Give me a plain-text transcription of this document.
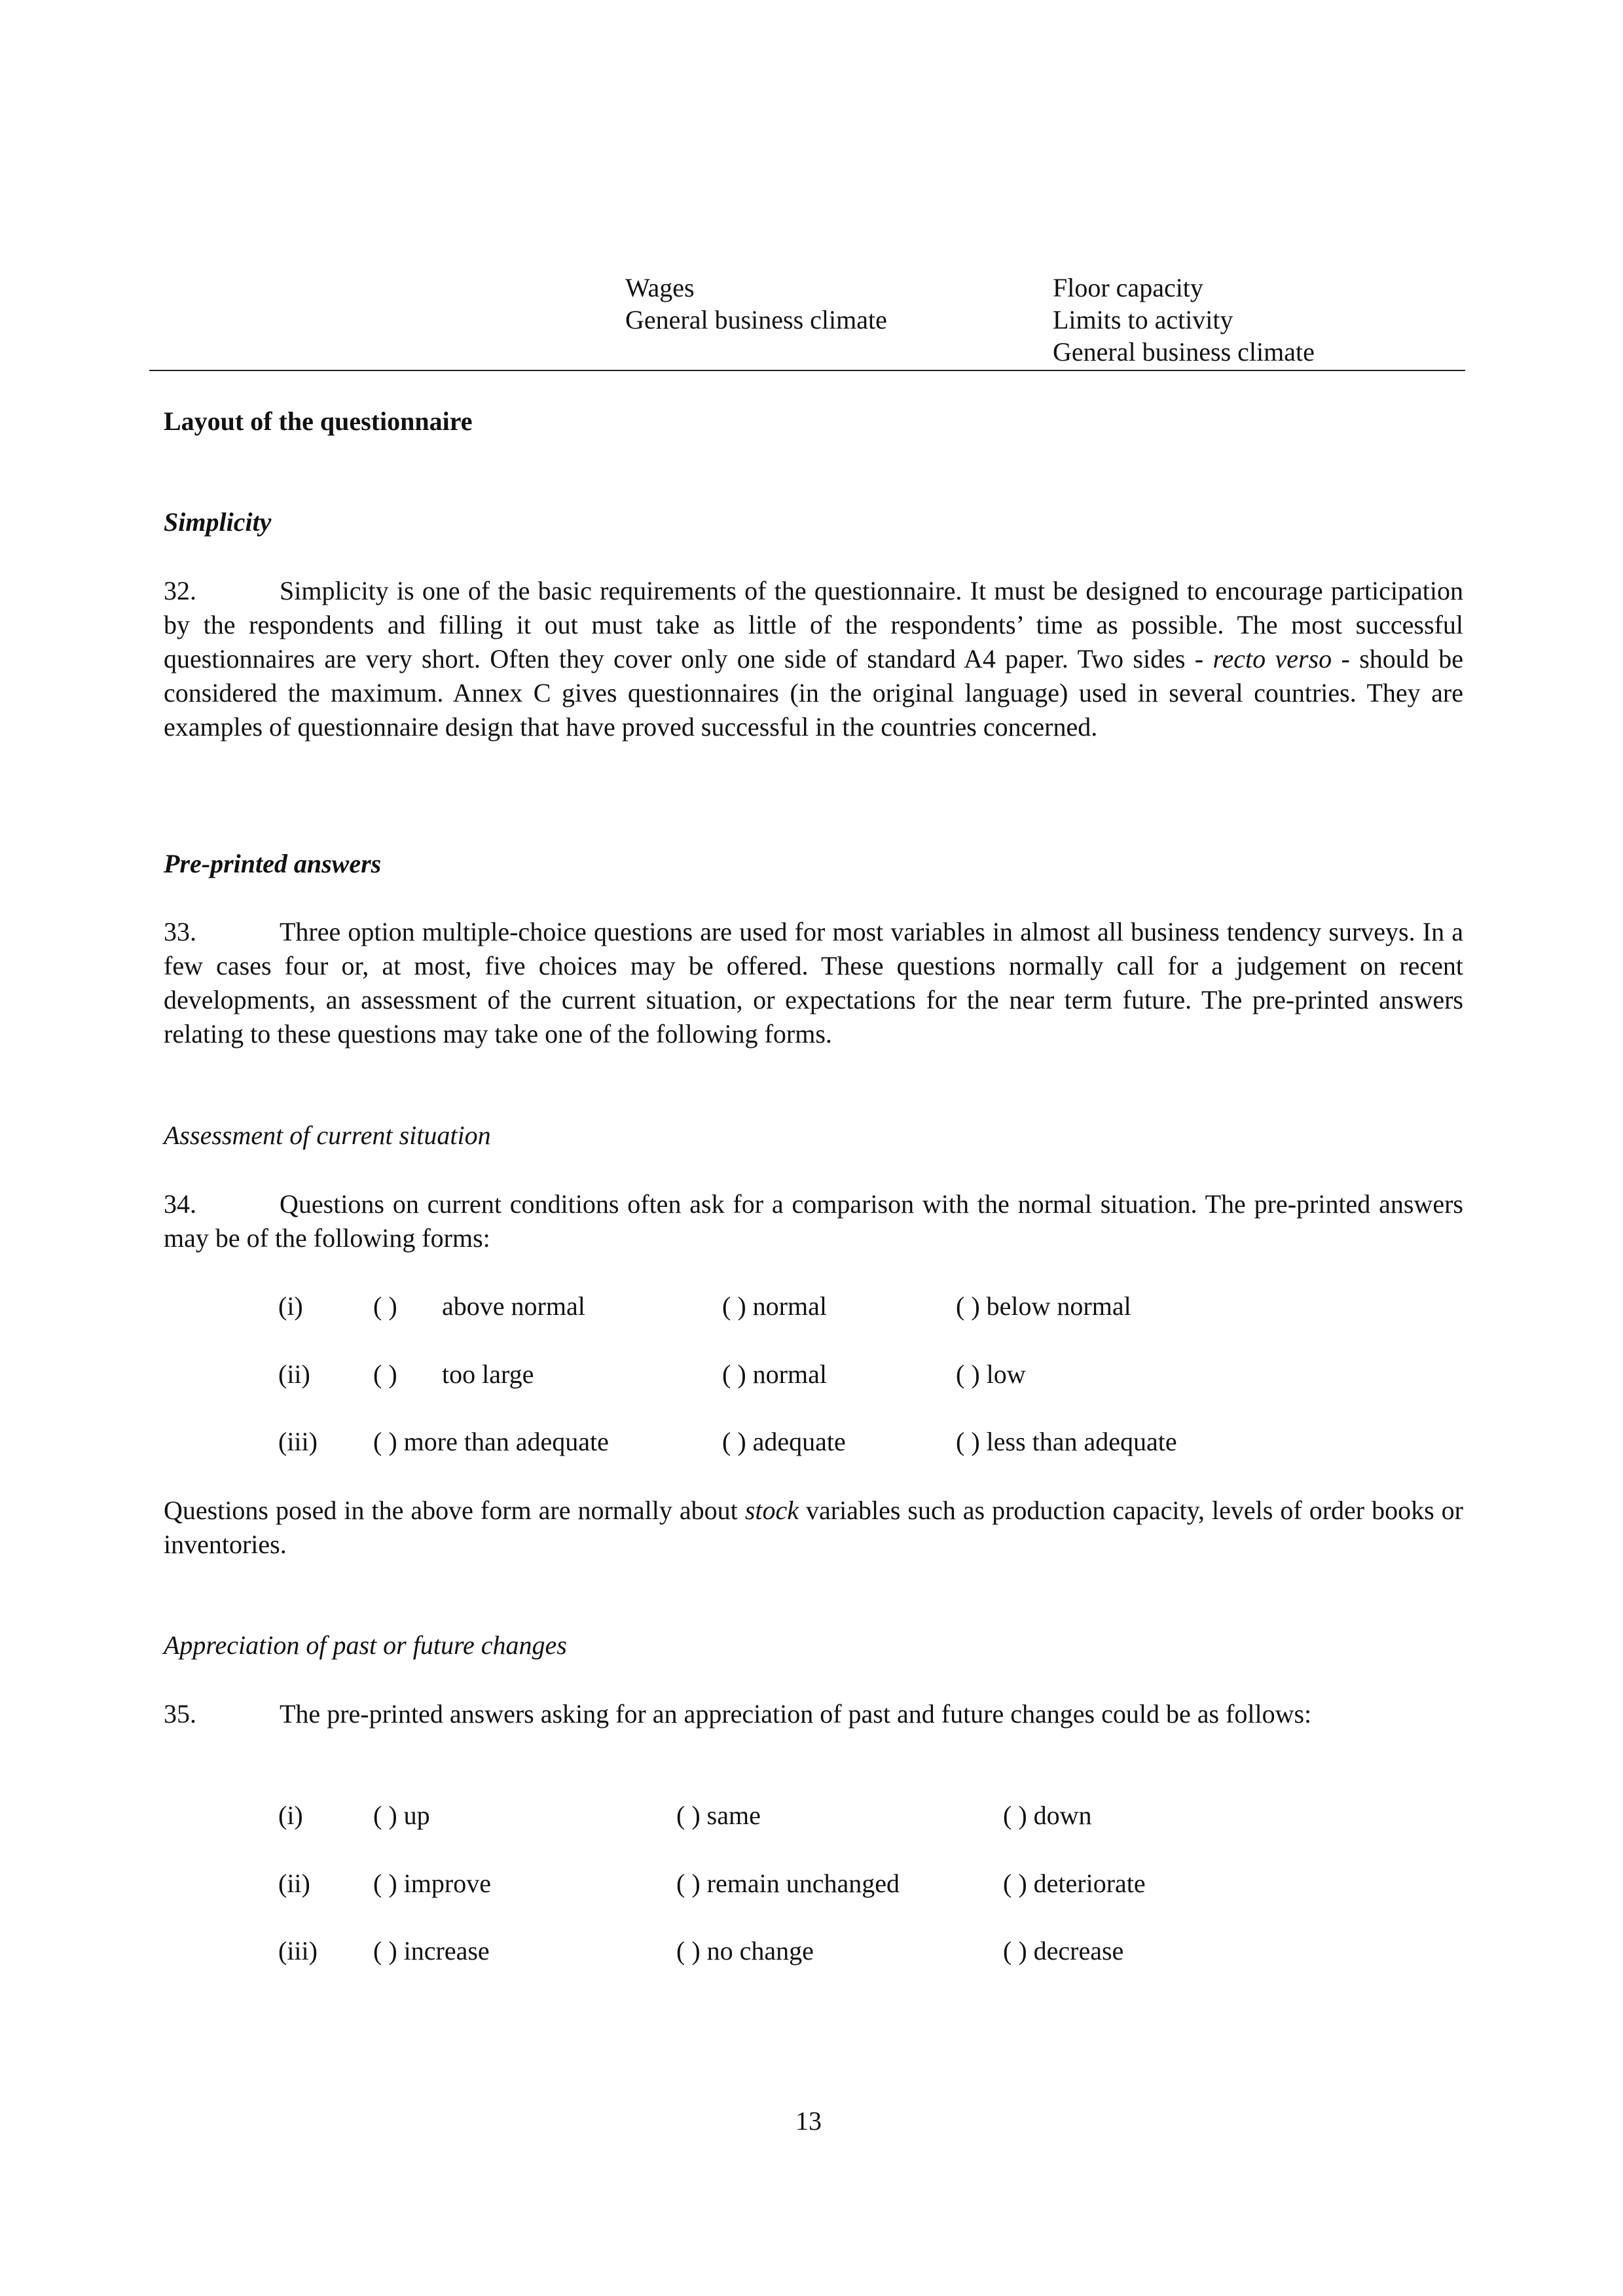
Wages
General business climate
Floor capacity
Limits to activity
General business climate
Layout of the questionnaire
Simplicity
32.	Simplicity is one of the basic requirements of the questionnaire. It must be designed to encourage participation by the respondents and filling it out must take as little of the respondents’ time as possible. The most successful questionnaires are very short. Often they cover only one side of standard A4 paper. Two sides - recto verso - should be considered the maximum. Annex C gives questionnaires (in the original language) used in several countries. They are examples of questionnaire design that have proved successful in the countries concerned.
Pre-printed answers
33.	Three option multiple-choice questions are used for most variables in almost all business tendency surveys. In a few cases four or, at most, five choices may be offered. These questions normally call for a judgement on recent developments, an assessment of the current situation, or expectations for the near term future. The pre-printed answers relating to these questions may take one of the following forms.
Assessment of current situation
34.	Questions on current conditions often ask for a comparison with the normal situation. The pre-printed answers may be of the following forms:
(i)	( ) above normal	( ) normal	( ) below normal
(ii) ( ) too large	( ) normal	( ) low
(iii) ( ) more than adequate	( ) adequate	( ) less than adequate
Questions posed in the above form are normally about stock variables such as production capacity, levels of order books or inventories.
Appreciation of past or future changes
35.	The pre-printed answers asking for an appreciation of past and future changes could be as follows:
(i)	( ) up	( ) same	( ) down
(ii) ( ) improve	( ) remain unchanged	( ) deteriorate
(iii) ( ) increase	( ) no change	( ) decrease
13
